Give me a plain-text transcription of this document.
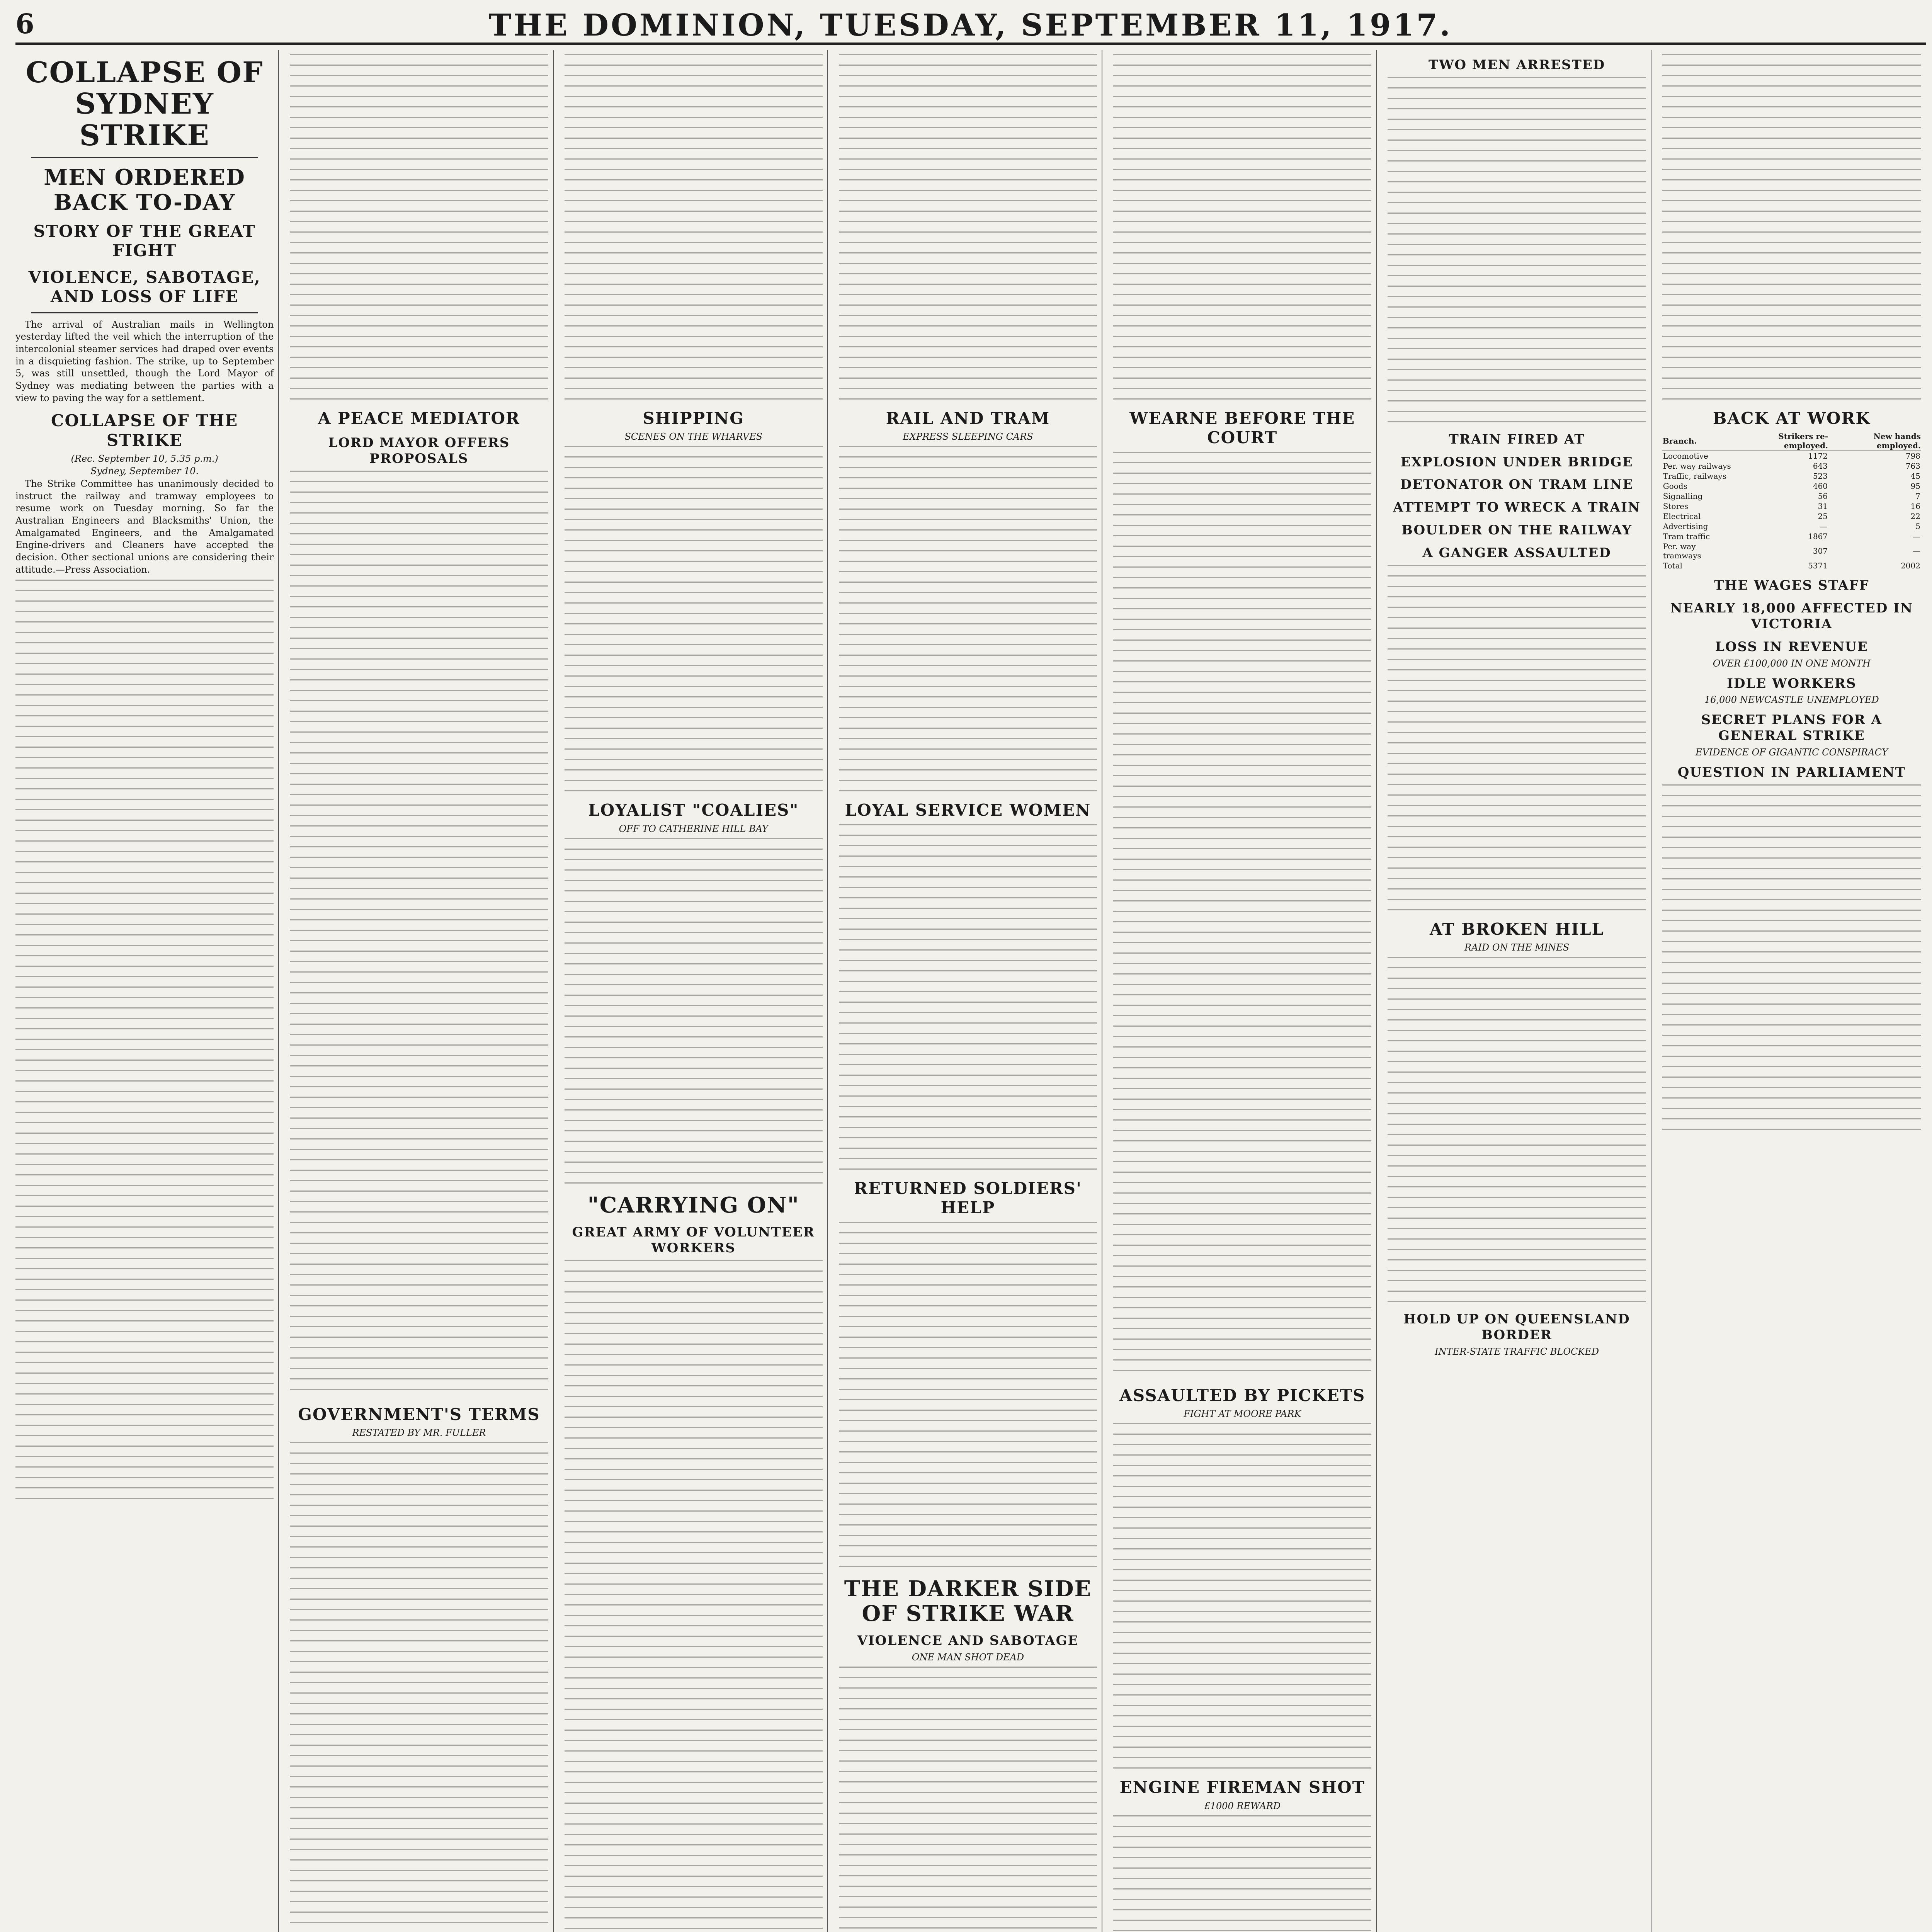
6	THE DOMINION, TUESDAY, SEPTEMBER 11, 1917.
COLLAPSE OF SYDNEY STRIKE
MEN ORDERED BACK TO-DAY
STORY OF THE GREAT FIGHT
VIOLENCE, SABOTAGE, AND LOSS OF LIFE

The arrival of Australian mails in Wellington yesterday lifted the veil which the interruption of the intercolonial steamer services had draped over events in a disquieting fashion. The strike, up to September 5, was still unsettled, though the Lord Mayor of Sydney was mediating between the parties with a view to paving the way for a settlement.

COLLAPSE OF THE STRIKE
(Rec. September 10, 5.35 p.m.)
Sydney, September 10.

The Strike Committee has unanimously decided to instruct the railway and tramway employees to resume work on Tuesday morning. So far the Australian Engineers and Blacksmiths' Union, the Amalgamated Engineers, and the Amalgamated Engine-drivers and Cleaners have accepted the decision. Other sectional unions are considering their attitude.—Press Association.

A PEACE MEDIATOR
LORD MAYOR OFFERS PROPOSALS
GOVERNMENT'S TERMS
RESTATED BY MR. FULLER
SHIPPING
SCENES ON THE WHARVES
LOYALIST "COALIES"
OFF TO CATHERINE HILL BAY
"CARRYING ON"
GREAT ARMY OF VOLUNTEER WORKERS
RAIL AND TRAM
EXPRESS SLEEPING CARS
LOYAL SERVICE WOMEN
RETURNED SOLDIERS' HELP
THE DARKER SIDE OF STRIKE WAR
VIOLENCE AND SABOTAGE
ONE MAN SHOT DEAD
WEARNE BEFORE THE COURT
ASSAULTED BY PICKETS
FIGHT AT MOORE PARK
ENGINE FIREMAN SHOT
£1000 REWARD
TWO MEN ARRESTED
TRAIN FIRED AT
EXPLOSION UNDER BRIDGE
DETONATOR ON TRAM LINE
ATTEMPT TO WRECK A TRAIN
BOULDER ON THE RAILWAY
A GANGER ASSAULTED
AT BROKEN HILL
RAID ON THE MINES
HOLD UP ON QUEENSLAND BORDER
INTER-STATE TRAFFIC BLOCKED
BACK AT WORK
Branch.	Strikers re-employed.	New hands employed.
Locomotive	1172	798
Per. way railways	643	763
Traffic, railways	523	45
Goods	460	95
Signalling	56	7
Stores	31	16
Electrical	25	22
Advertising	—	5
Tram traffic	1867	—
Per. way tramways	307	—
Total	5371	2002
THE WAGES STAFF
NEARLY 18,000 AFFECTED IN VICTORIA
LOSS IN REVENUE
OVER £100,000 IN ONE MONTH
IDLE WORKERS
16,000 NEWCASTLE UNEMPLOYED
SECRET PLANS FOR A GENERAL STRIKE
EVIDENCE OF GIGANTIC CONSPIRACY
QUESTION IN PARLIAMENT
